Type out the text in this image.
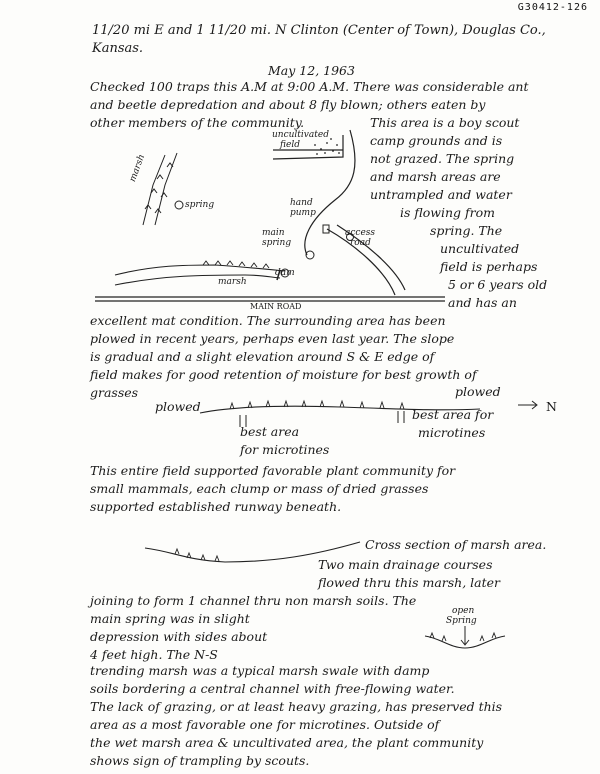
G30412-126
11/20 mi E and 1 11/20 mi. N Clinton (Center of Town), Douglas Co.,
Kansas.
May 12, 1963
Checked 100 traps this A.M at 9:00 A.M. There was considerable ant
and beetle depredation and about 8 fly blown; others eaten by
other members of the community.	This area is a boy scout
camp grounds and is
not grazed. The spring
and marsh areas are
untrampled and water
is flowing from
spring. The
uncultivated
field is perhaps
5 or 6 years old
and has an
uncultivated
field
marsh
spring	hand
pump
main
spring
access
road
dam
marsh
MAIN ROAD
excellent mat condition. The surrounding area has been
plowed in recent years, perhaps even last year. The slope
is gradual and a slight elevation around S & E edge of
field makes for good retention of moisture for best growth of
grasses
plowed
plowed
best area
for microtines
best area for
microtines
N
This entire field supported favorable plant community for
small mammals, each clump or mass of dried grasses
supported established runway beneath.
Cross section of marsh area.
Two main drainage courses
flowed thru this marsh, later
joining to form 1 channel thru non marsh soils. The
main spring was in slight
depression with sides about
4 feet high. The N-S
open
Spring
trending marsh was a typical marsh swale with damp
soils bordering a central channel with free-flowing water.
The lack of grazing, or at least heavy grazing, has preserved this
area as a most favorable one for microtines. Outside of
the wet marsh area & uncultivated area, the plant community
shows sign of trampling by scouts.
